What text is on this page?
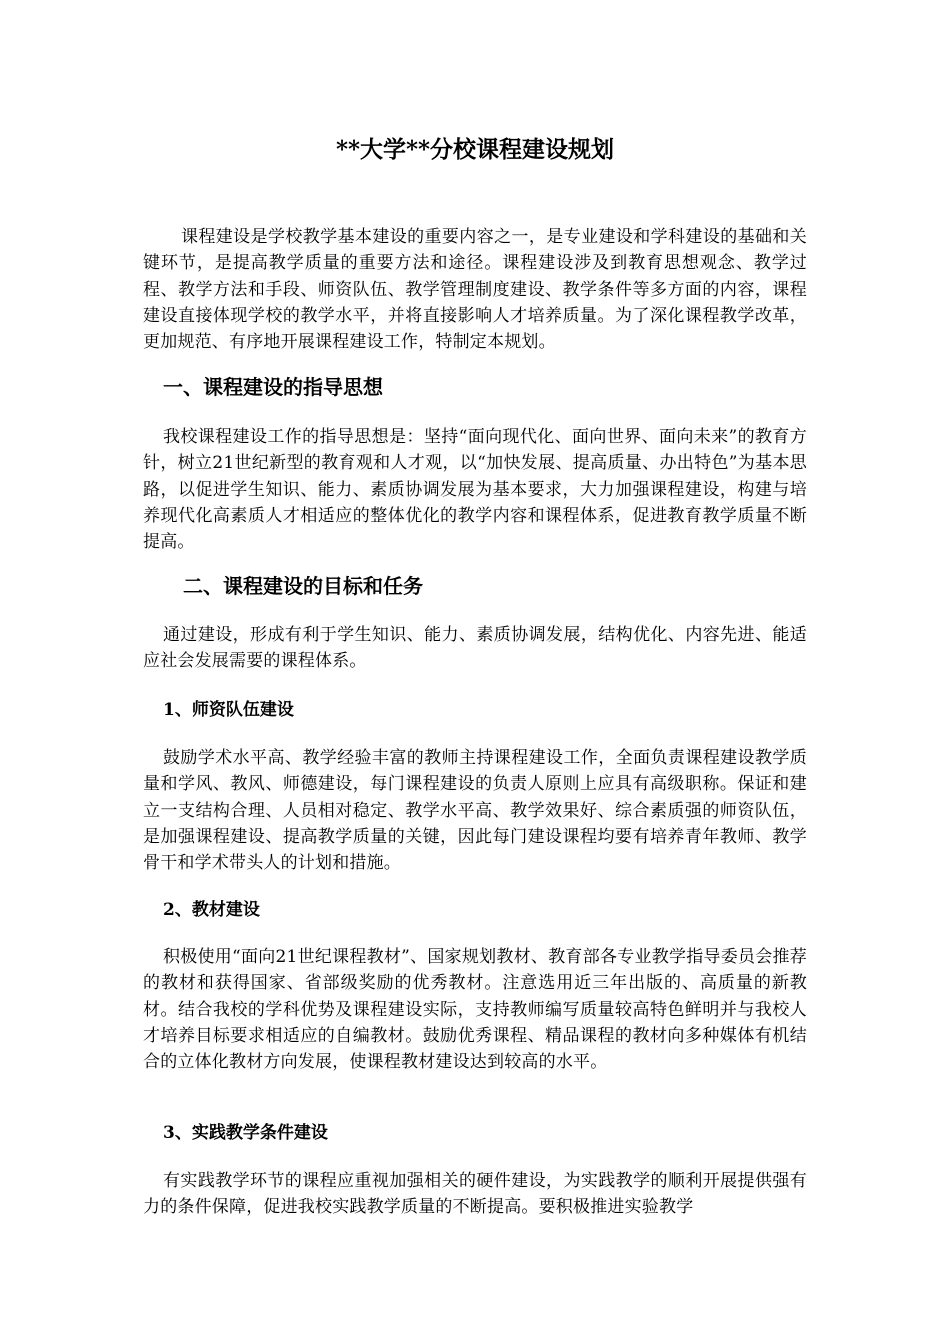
**大学**分校课程建设规划

课程建设是学校教学基本建设的重要内容之一，是专业建设和学科建设的基础和关键环节，是提高教学质量的重要方法和途径。课程建设涉及到教育思想观念、教学过程、教学方法和手段、师资队伍、教学管理制度建设、教学条件等多方面的内容，课程建设直接体现学校的教学水平，并将直接影响人才培养质量。为了深化课程教学改革，更加规范、有序地开展课程建设工作，特制定本规划。

一、课程建设的指导思想

我校课程建设工作的指导思想是：坚持“面向现代化、面向世界、面向未来”的教育方针，树立21世纪新型的教育观和人才观，以“加快发展、提高质量、办出特色”为基本思路，以促进学生知识、能力、素质协调发展为基本要求，大力加强课程建设，构建与培养现代化高素质人才相适应的整体优化的教学内容和课程体系，促进教育教学质量不断提高。

二、课程建设的目标和任务

通过建设，形成有利于学生知识、能力、素质协调发展，结构优化、内容先进、能适应社会发展需要的课程体系。

1、师资队伍建设

鼓励学术水平高、教学经验丰富的教师主持课程建设工作，全面负责课程建设教学质量和学风、教风、师德建设，每门课程建设的负责人原则上应具有高级职称。保证和建立一支结构合理、人员相对稳定、教学水平高、教学效果好、综合素质强的师资队伍，是加强课程建设、提高教学质量的关键，因此每门建设课程均要有培养青年教师、教学骨干和学术带头人的计划和措施。

2、教材建设

积极使用“面向21世纪课程教材”、国家规划教材、教育部各专业教学指导委员会推荐的教材和获得国家、省部级奖励的优秀教材。注意选用近三年出版的、高质量的新教材。结合我校的学科优势及课程建设实际，支持教师编写质量较高特色鲜明并与我校人才培养目标要求相适应的自编教材。鼓励优秀课程、精品课程的教材向多种媒体有机结合的立体化教材方向发展，使课程教材建设达到较高的水平。

3、实践教学条件建设

有实践教学环节的课程应重视加强相关的硬件建设，为实践教学的顺利开展提供强有力的条件保障，促进我校实践教学质量的不断提高。要积极推进实验教学
